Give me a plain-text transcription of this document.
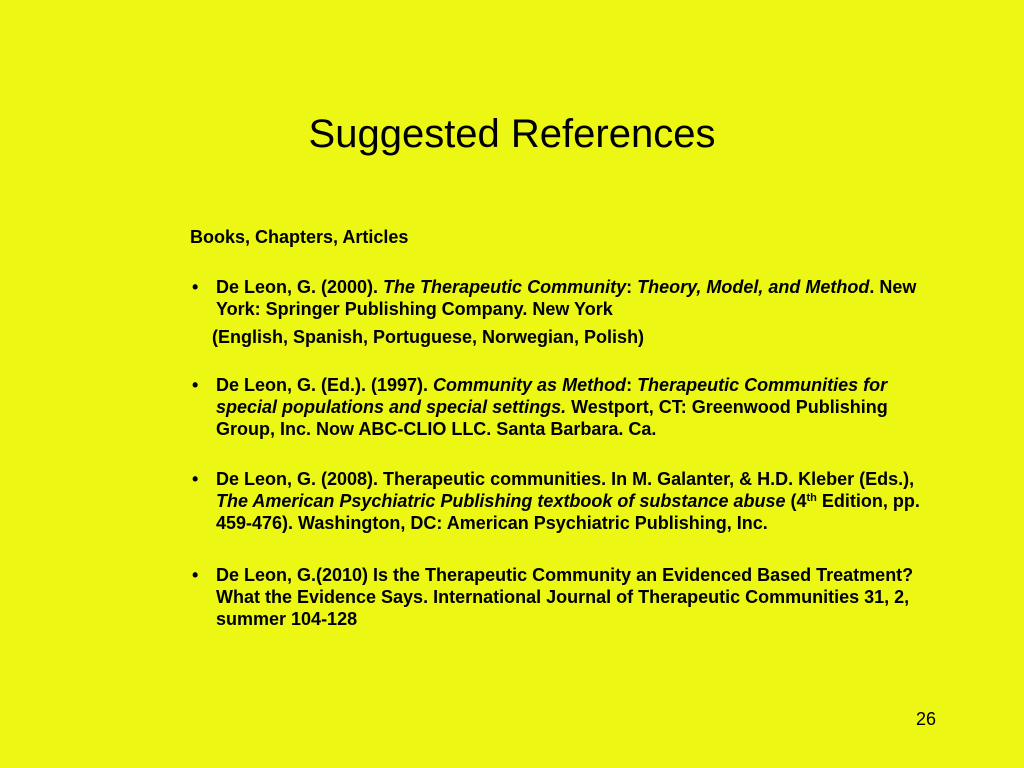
Suggested References

Books, Chapters, Articles

• De Leon, G. (2000). The Therapeutic Community: Theory, Model, and Method. New York: Springer Publishing Company. New York

(English, Spanish, Portuguese, Norwegian, Polish)

• De Leon, G. (Ed.). (1997). Community as Method: Therapeutic Communities for special populations and special settings. Westport, CT: Greenwood Publishing Group, Inc. Now ABC-CLIO LLC. Santa Barbara. Ca.
• De Leon, G. (2008). Therapeutic communities. In M. Galanter, & H.D. Kleber (Eds.), The American Psychiatric Publishing textbook of substance abuse (4th Edition, pp. 459-476). Washington, DC: American Psychiatric Publishing, Inc.
• De Leon, G.(2010) Is the Therapeutic Community an Evidenced Based Treatment? What the Evidence Says. International Journal of Therapeutic Communities 31, 2, summer 104-128
26
